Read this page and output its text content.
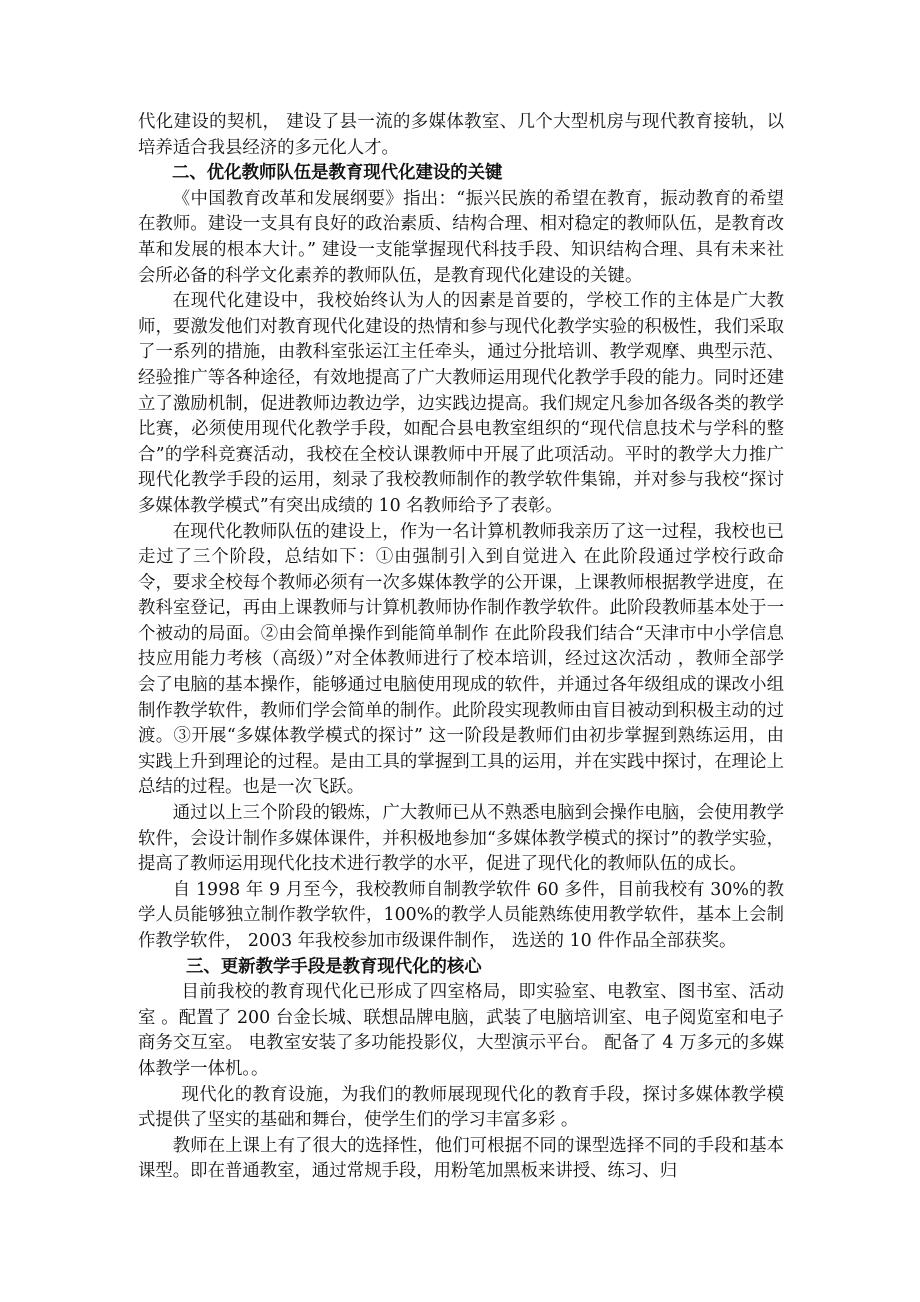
代化建设的契机， 建设了县一流的多媒体教室、几个大型机房与现代教育接轨，以培养适合我县经济的多元化人才。

二、优化教师队伍是教育现代化建设的关键

《中国教育改革和发展纲要》指出：“振兴民族的希望在教育，振动教育的希望在教师。建设一支具有良好的政治素质、结构合理、相对稳定的教师队伍，是教育改革和发展的根本大计。” 建设一支能掌握现代科技手段、知识结构合理、具有未来社会所必备的科学文化素养的教师队伍，是教育现代化建设的关键。

在现代化建设中，我校始终认为人的因素是首要的，学校工作的主体是广大教师，要激发他们对教育现代化建设的热情和参与现代化教学实验的积极性，我们采取了一系列的措施，由教科室张运江主任牵头，通过分批培训、教学观摩、典型示范、经验推广等各种途径，有效地提高了广大教师运用现代化教学手段的能力。同时还建立了激励机制，促进教师边教边学，边实践边提高。我们规定凡参加各级各类的教学比赛，必须使用现代化教学手段，如配合县电教室组织的“现代信息技术与学科的整合”的学科竞赛活动，我校在全校认课教师中开展了此项活动。平时的教学大力推广现代化教学手段的运用，刻录了我校教师制作的教学软件集锦，并对参与我校“探讨多媒体教学模式”有突出成绩的 10 名教师给予了表彰。

在现代化教师队伍的建设上，作为一名计算机教师我亲历了这一过程，我校也已走过了三个阶段，总结如下：①由强制引入到自觉进入 在此阶段通过学校行政命令，要求全校每个教师必须有一次多媒体教学的公开课，上课教师根据教学进度，在教科室登记，再由上课教师与计算机教师协作制作教学软件。此阶段教师基本处于一个被动的局面。②由会简单操作到能简单制作 在此阶段我们结合“天津市中小学信息技应用能力考核（高级）”对全体教师进行了校本培训，经过这次活动 ，教师全部学会了电脑的基本操作，能够通过电脑使用现成的软件，并通过各年级组成的课改小组制作教学软件，教师们学会简单的制作。此阶段实现教师由盲目被动到积极主动的过渡。③开展“多媒体教学模式的探讨” 这一阶段是教师们由初步掌握到熟练运用，由实践上升到理论的过程。是由工具的掌握到工具的运用，并在实践中探讨，在理论上总结的过程。也是一次飞跃。

通过以上三个阶段的锻炼，广大教师已从不熟悉电脑到会操作电脑，会使用教学软件，会设计制作多媒体课件，并积极地参加“多媒体教学模式的探讨”的教学实验，提高了教师运用现代化技术进行教学的水平，促进了现代化的教师队伍的成长。

自 1998 年 9 月至今，我校教师自制教学软件 60 多件，目前我校有 30%的教学人员能够独立制作教学软件，100%的教学人员能熟练使用教学软件，基本上会制作教学软件， 2003 年我校参加市级课件制作， 选送的 10 件作品全部获奖。

三、更新教学手段是教育现代化的核心

目前我校的教育现代化已形成了四室格局，即实验室、电教室、图书室、活动室 。配置了 200 台金长城、联想品牌电脑，武装了电脑培训室、电子阅览室和电子商务交互室。 电教室安装了多功能投影仪，大型演示平台。 配备了 4 万多元的多媒体教学一体机。。

现代化的教育设施，为我们的教师展现现代化的教育手段，探讨多媒体教学模式提供了坚实的基础和舞台，使学生们的学习丰富多彩 。

教师在上课上有了很大的选择性，他们可根据不同的课型选择不同的手段和基本课型。即在普通教室，通过常规手段，用粉笔加黑板来讲授、练习、归
